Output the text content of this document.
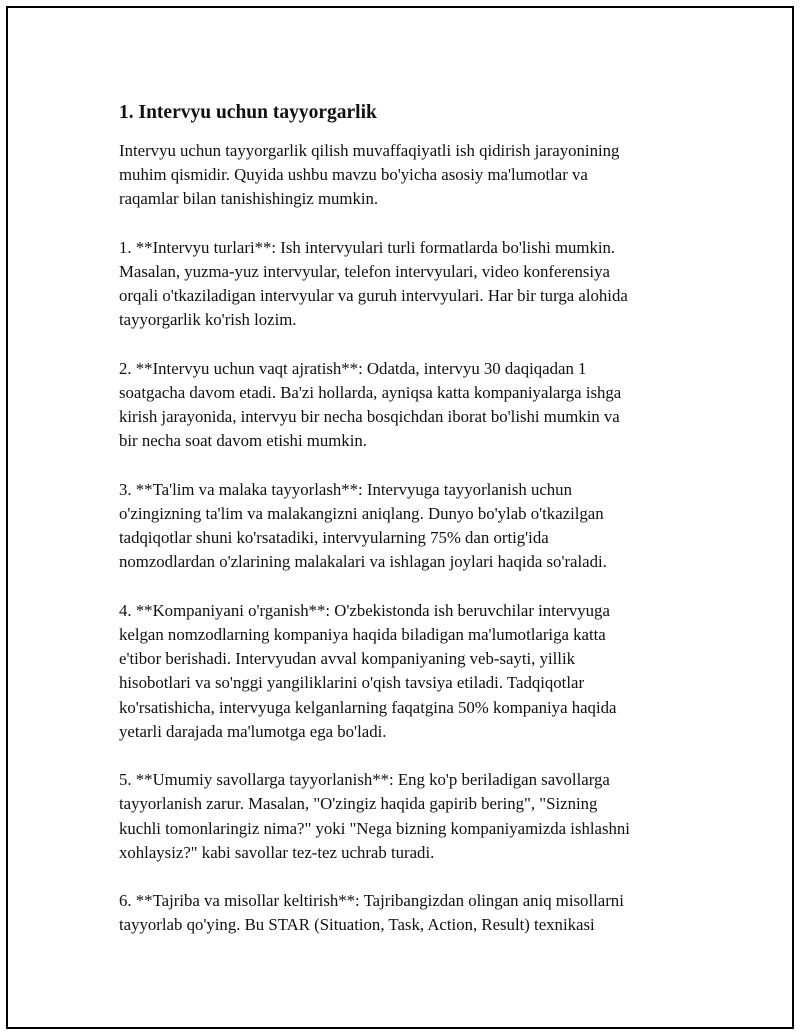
1. Intervyu uchun tayyorgarlik
Intervyu uchun tayyorgarlik qilish muvaffaqiyatli ish qidirish jarayonining
muhim qismidir. Quyida ushbu mavzu bo'yicha asosiy ma'lumotlar va
raqamlar bilan tanishishingiz mumkin.
1. **Intervyu turlari**: Ish intervyulari turli formatlarda bo'lishi mumkin.
Masalan, yuzma-yuz intervyular, telefon intervyulari, video konferensiya
orqali o'tkaziladigan intervyular va guruh intervyulari. Har bir turga alohida
tayyorgarlik ko'rish lozim.
2. **Intervyu uchun vaqt ajratish**: Odatda, intervyu 30 daqiqadan 1
soatgacha davom etadi. Ba'zi hollarda, ayniqsa katta kompaniyalarga ishga
kirish jarayonida, intervyu bir necha bosqichdan iborat bo'lishi mumkin va
bir necha soat davom etishi mumkin.
3. **Ta'lim va malaka tayyorlash**: Intervyuga tayyorlanish uchun
o'zingizning ta'lim va malakangizni aniqlang. Dunyo bo'ylab o'tkazilgan
tadqiqotlar shuni ko'rsatadiki, intervyularning 75% dan ortig'ida
nomzodlardan o'zlarining malakalari va ishlagan joylari haqida so'raladi.
4. **Kompaniyani o'rganish**: O'zbekistonda ish beruvchilar intervyuga
kelgan nomzodlarning kompaniya haqida biladigan ma'lumotlariga katta
e'tibor berishadi. Intervyudan avval kompaniyaning veb-sayti, yillik
hisobotlari va so'nggi yangiliklarini o'qish tavsiya etiladi. Tadqiqotlar
ko'rsatishicha, intervyuga kelganlarning faqatgina 50% kompaniya haqida
yetarli darajada ma'lumotga ega bo'ladi.
5. **Umumiy savollarga tayyorlanish**: Eng ko'p beriladigan savollarga
tayyorlanish zarur. Masalan, "O'zingiz haqida gapirib bering", "Sizning
kuchli tomonlaringiz nima?" yoki "Nega bizning kompaniyamizda ishlashni
xohlaysiz?" kabi savollar tez-tez uchrab turadi.
6. **Tajriba va misollar keltirish**: Tajribangizdan olingan aniq misollarni
tayyorlab qo'ying. Bu STAR (Situation, Task, Action, Result) texnikasi
